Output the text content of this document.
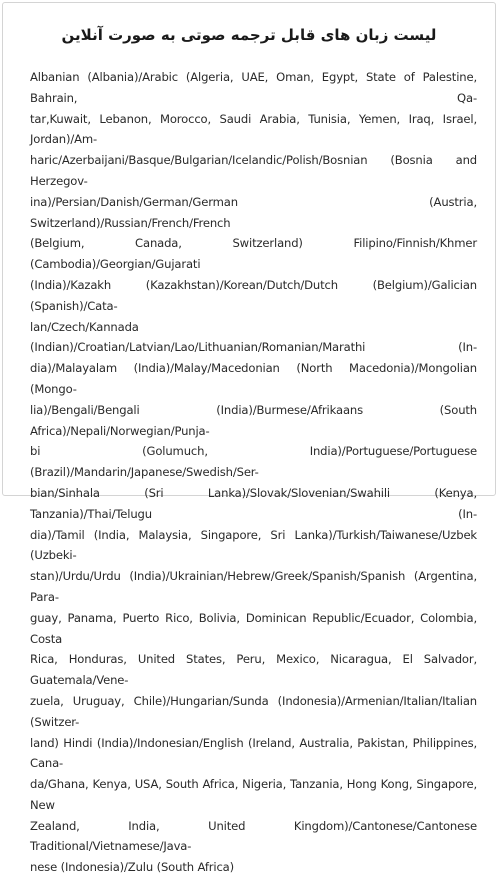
لیست زبان های قابل ترجمه صوتی به صورت آنلاین

Albanian (Albania)/Arabic (Algeria, UAE, Oman, Egypt, State of Palestine, Bahrain, Qa-
tar,Kuwait, Lebanon, Morocco, Saudi Arabia, Tunisia, Yemen, Iraq, Israel, Jordan)/Am-
haric/Azerbaijani/Basque/Bulgarian/Icelandic/Polish/Bosnian (Bosnia and Herzegov-
ina)/Persian/Danish/German/German (Austria, Switzerland)/Russian/French/French
(Belgium, Canada, Switzerland) Filipino/Finnish/Khmer (Cambodia)/Georgian/Gujarati
(India)/Kazakh (Kazakhstan)/Korean/Dutch/Dutch (Belgium)/Galician (Spanish)/Cata-
lan/Czech/Kannada (Indian)/Croatian/Latvian/Lao/Lithuanian/Romanian/Marathi (In-
dia)/Malayalam (India)/Malay/Macedonian (North Macedonia)/Mongolian (Mongo-
lia)/Bengali/Bengali (India)/Burmese/Afrikaans (South Africa)/Nepali/Norwegian/Punja-
bi (Golumuch, India)/Portuguese/Portuguese (Brazil)/Mandarin/Japanese/Swedish/Ser-
bian/Sinhala (Sri Lanka)/Slovak/Slovenian/Swahili (Kenya, Tanzania)/Thai/Telugu (In-
dia)/Tamil (India, Malaysia, Singapore, Sri Lanka)/Turkish/Taiwanese/Uzbek (Uzbeki-
stan)/Urdu/Urdu (India)/Ukrainian/Hebrew/Greek/Spanish/Spanish (Argentina, Para-
guay, Panama, Puerto Rico, Bolivia, Dominican Republic/Ecuador, Colombia, Costa
Rica, Honduras, United States, Peru, Mexico, Nicaragua, El Salvador, Guatemala/Vene-
zuela, Uruguay, Chile)/Hungarian/Sunda (Indonesia)/Armenian/Italian/Italian (Switzer-
land) Hindi (India)/Indonesian/English (Ireland, Australia, Pakistan, Philippines, Cana-
da/Ghana, Kenya, USA, South Africa, Nigeria, Tanzania, Hong Kong, Singapore, New
Zealand, India, United Kingdom)/Cantonese/Cantonese Traditional/Vietnamese/Java-
nese (Indonesia)/Zulu (South Africa)
